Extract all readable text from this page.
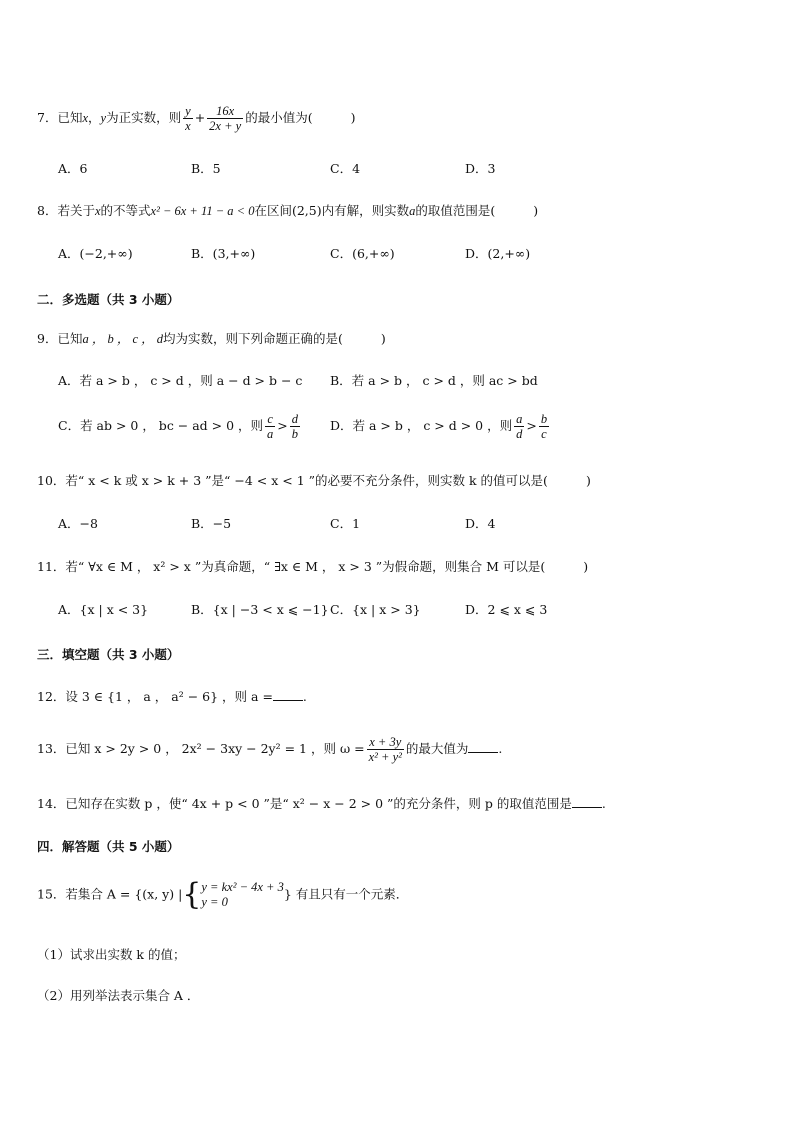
7．已知x，y为正实数，则 $\frac{y}{x} + \frac{16x}{2x + y}$ 的最小值为(	)
A．6	B．5	C．4	D．3
8．若关于x的不等式x² − 6x + 11 − a < 0在区间(2,5)内有解，则实数a的取值范围是(	)
A．(−2,+∞)	B．(3,+∞)	C．(6,+∞)	D．(2,+∞)
二．多选题（共 3 小题）
9．已知a ， b ， c ， d均为实数，则下列命题正确的是(	)
A．若 a > b ， c > d ，则 a − d > b − c B．若 a > b ， c > d ，则 ac > bd
C．若 ab > 0 ， bc − ad > 0 ，则 $\frac{c}{a} > \frac{d}{b}$ D．若 a > b ， c > d > 0 ，则 $\frac{a}{d} > \frac{b}{c}$
10．若“ x < k 或 x > k + 3 ”是“ −4 < x < 1 ”的必要不充分条件，则实数 k 的值可以是(	)
A．−8	B．−5	C．1	D．4
11．若“ ∀x ∈ M ， x² > x ”为真命题，“ ∃x ∈ M ， x > 3 ”为假命题，则集合 M 可以是(	)
A．{x | x < 3}	B．{x | −3 < x ⩽ −1} C．{x | x > 3}	D．2 ⩽ x ⩽ 3
三．填空题（共 3 小题）
12．设 3 ∈ {1 ， a ， a² − 6} ，则 a = .
13．已知 x > 2y > 0 ， 2x² − 3xy − 2y² = 1 ，则 $\omega = \frac{x + 3y}{\text{x² + y²}}$ 的最大值为 .
14．已知存在实数 p ，使“ 4x + p < 0 ”是“ x² − x − 2 > 0 ”的充分条件，则 p 的取值范围是 .
四．解答题（共 5 小题）
15．若集合 A = {(x, y) |{ y = kx² − 4x + 3
y = 0
} 有且只有一个元素．
（1）试求出实数 k 的值；
（2）用列举法表示集合 A ．
